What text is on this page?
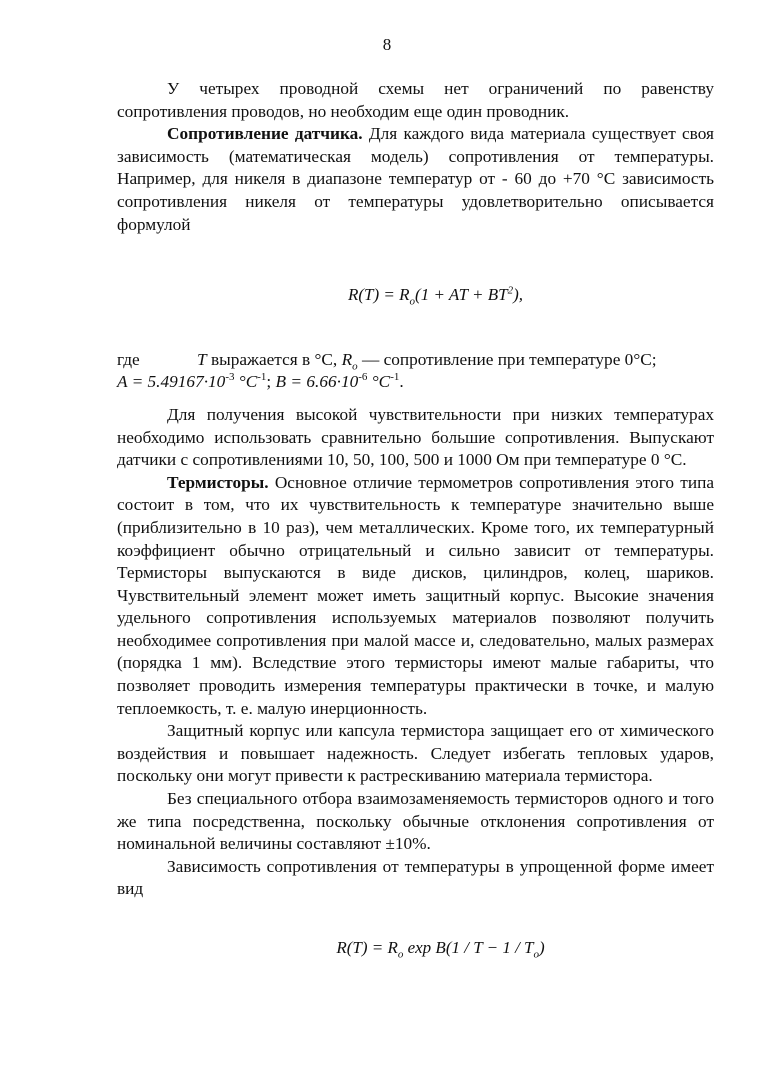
8

У четырех проводной схемы нет ограничений по равенству сопротивления проводов, но необходим еще один проводник.

Сопротивление датчика. Для каждого вида материала существует своя зависимость (математическая модель) сопротивления от температуры. Например, для никеля в диапазоне температур от - 60 до +70 °С зависимость сопротивления никеля от температуры удовлетворительно описывается формулой

$R(T) = R_o(1$ + AT + $BT^2$),
где	T выражается в °С, $R_o$ — сопротивление при температуре 0°С;

$A = 5.49167\cdot 10^{-3}$ $^\circ С^{-1}$; $B = 6.66\cdot 10^{-6}$ $^\circ С^{-1}$.

Для получения высокой чувствительности при низких температурах необходимо использовать сравнительно большие сопротивления. Выпускают датчики с сопротивлениями 10, 50, 100, 500 и 1000 Ом при температуре 0 °С.

Термисторы. Основное отличие термометров сопротивления этого типа состоит в том, что их чувствительность к температуре значительно выше (приблизительно в 10 раз), чем металлических. Кроме того, их температурный коэффициент обычно отрицательный и сильно зависит от температуры. Термисторы выпускаются в виде дисков, цилиндров, колец, шариков. Чувствительный элемент может иметь защитный корпус. Высокие значения удельного сопротивления используемых материалов позволяют получить необходимее сопротивления при малой массе и, следовательно, малых размерах (порядка 1 мм). Вследствие этого термисторы имеют малые габариты, что позволяет проводить измерения температуры практически в точке, и малую теплоемкость, т. е. малую инерционность.

Защитный корпус или капсула термистора защищает его от химического воздействия и повышает надежность. Следует избегать тепловых ударов, поскольку они могут привести к растрескиванию материала термистора.

Без специального отбора взаимозаменяемость термисторов одного и того же типа посредственна, поскольку обычные отклонения сопротивления от номинальной величины составляют ±10%.

Зависимость сопротивления от температуры в упрощенной форме имеет вид

$R(T) = R_o$ $\exp B(1 / T - 1 / T_o)$
